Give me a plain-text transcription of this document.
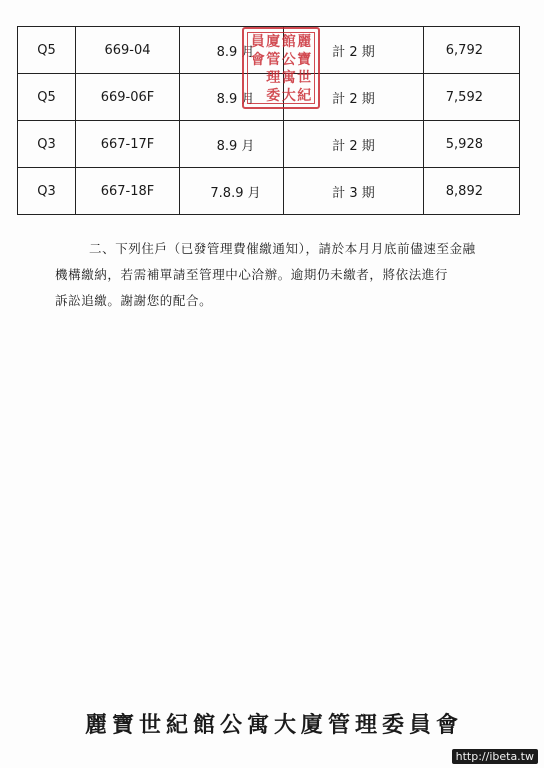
Q5	669-04	8.9 月	計 2 期	6,792
Q5	669-06F	8.9 月	計 2 期	7,592
Q3	667-17F	8.9 月	計 2 期	5,928
Q3	667-18F	7.8.9 月	計 3 期	8,892
麗
寶
世
紀
館
公
寓
大
廈
管
理
委
員
會

二、下列住戶（已發管理費催繳通知），請於本月月底前儘速至金融

機構繳納，若需補單請至管理中心洽辦。逾期仍未繳者，將依法進行

訴訟追繳。謝謝您的配合。

麗寶世紀館公寓大廈管理委員會
http://ibeta.tw
